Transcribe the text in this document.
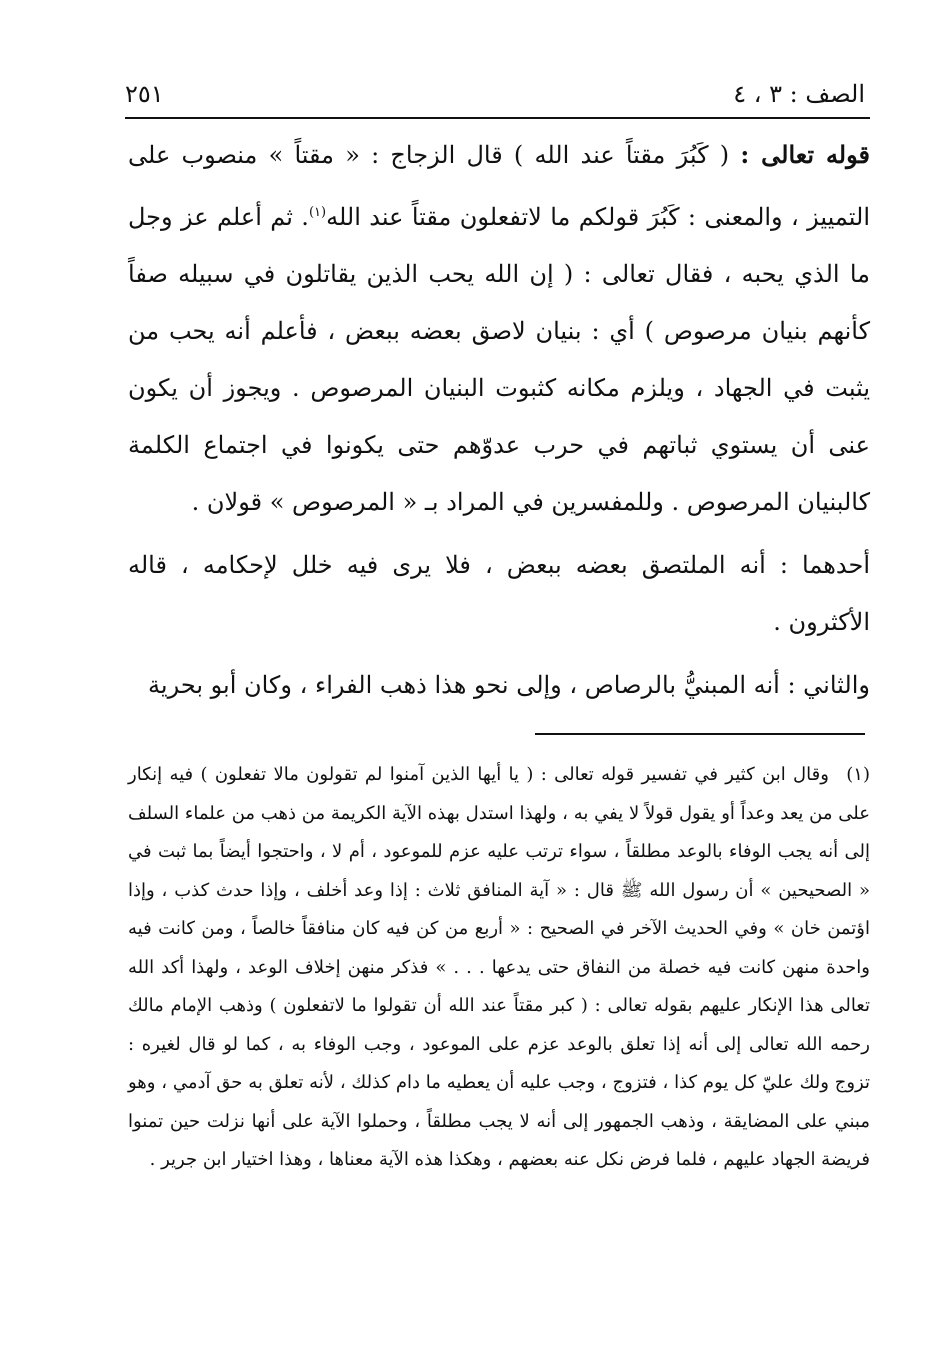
الصف : ٣ ، ٤
٢٥١

قوله تعالى : ( كَبُرَ مقتاً عند الله ) قال الزجاج : « مقتاً » منصوب على التمييز ، والمعنى : كَبُرَ قولكم ما لاتفعلون مقتاً عند الله$^{(١)}$. ثم أعلم عز وجل ما الذي يحبه ، فقال تعالى : ( إن الله يحب الذين يقاتلون في سبيله صفاً كأنهم بنيان مرصوص ) أي : بنيان لاصق بعضه ببعض ، فأعلم أنه يحب من يثبت في الجهاد ، ويلزم مكانه كثبوت البنيان المرصوص . ويجوز أن يكون عنى أن يستوي ثباتهم في حرب عدوّهم حتى يكونوا في اجتماع الكلمة كالبنيان المرصوص . وللمفسرين في المراد بـ « المرصوص » قولان .

أحدهما : أنه الملتصق بعضه ببعض ، فلا يرى فيه خلل لإحكامه ، قاله الأكثرون .

والثاني : أنه المبنيُّ بالرصاص ، وإلى نحو هذا ذهب الفراء ، وكان أبو بحرية

(١) وقال ابن كثير في تفسير قوله تعالى : ( يا أيها الذين آمنوا لم تقولون مالا تفعلون ) فيه إنكار على من يعد وعداً أو يقول قولاً لا يفي به ، ولهذا استدل بهذه الآية الكريمة من ذهب من علماء السلف إلى أنه يجب الوفاء بالوعد مطلقاً ، سواء ترتب عليه عزم للموعود ، أم لا ، واحتجوا أيضاً بما ثبت في « الصحيحين » أن رسول الله ﷺ قال : « آية المنافق ثلاث : إذا وعد أخلف ، وإذا حدث كذب ، وإذا اؤتمن خان » وفي الحديث الآخر في الصحيح : « أربع من كن فيه كان منافقاً خالصاً ، ومن كانت فيه واحدة منهن كانت فيه خصلة من النفاق حتى يدعها . . . » فذكر منهن إخلاف الوعد ، ولهذا أكد الله تعالى هذا الإنكار عليهم بقوله تعالى : ( كبر مقتاً عند الله أن تقولوا ما لاتفعلون ) وذهب الإمام مالك رحمه الله تعالى إلى أنه إذا تعلق بالوعد عزم على الموعود ، وجب الوفاء به ، كما لو قال لغيره : تزوج ولك عليّ كل يوم كذا ، فتزوج ، وجب عليه أن يعطيه ما دام كذلك ، لأنه تعلق به حق آدمي ، وهو مبني على المضايقة ، وذهب الجمهور إلى أنه لا يجب مطلقاً ، وحملوا الآية على أنها نزلت حين تمنوا فريضة الجهاد عليهم ، فلما فرض نكل عنه بعضهم ، وهكذا هذه الآية معناها ، وهذا اختيار ابن جرير .
